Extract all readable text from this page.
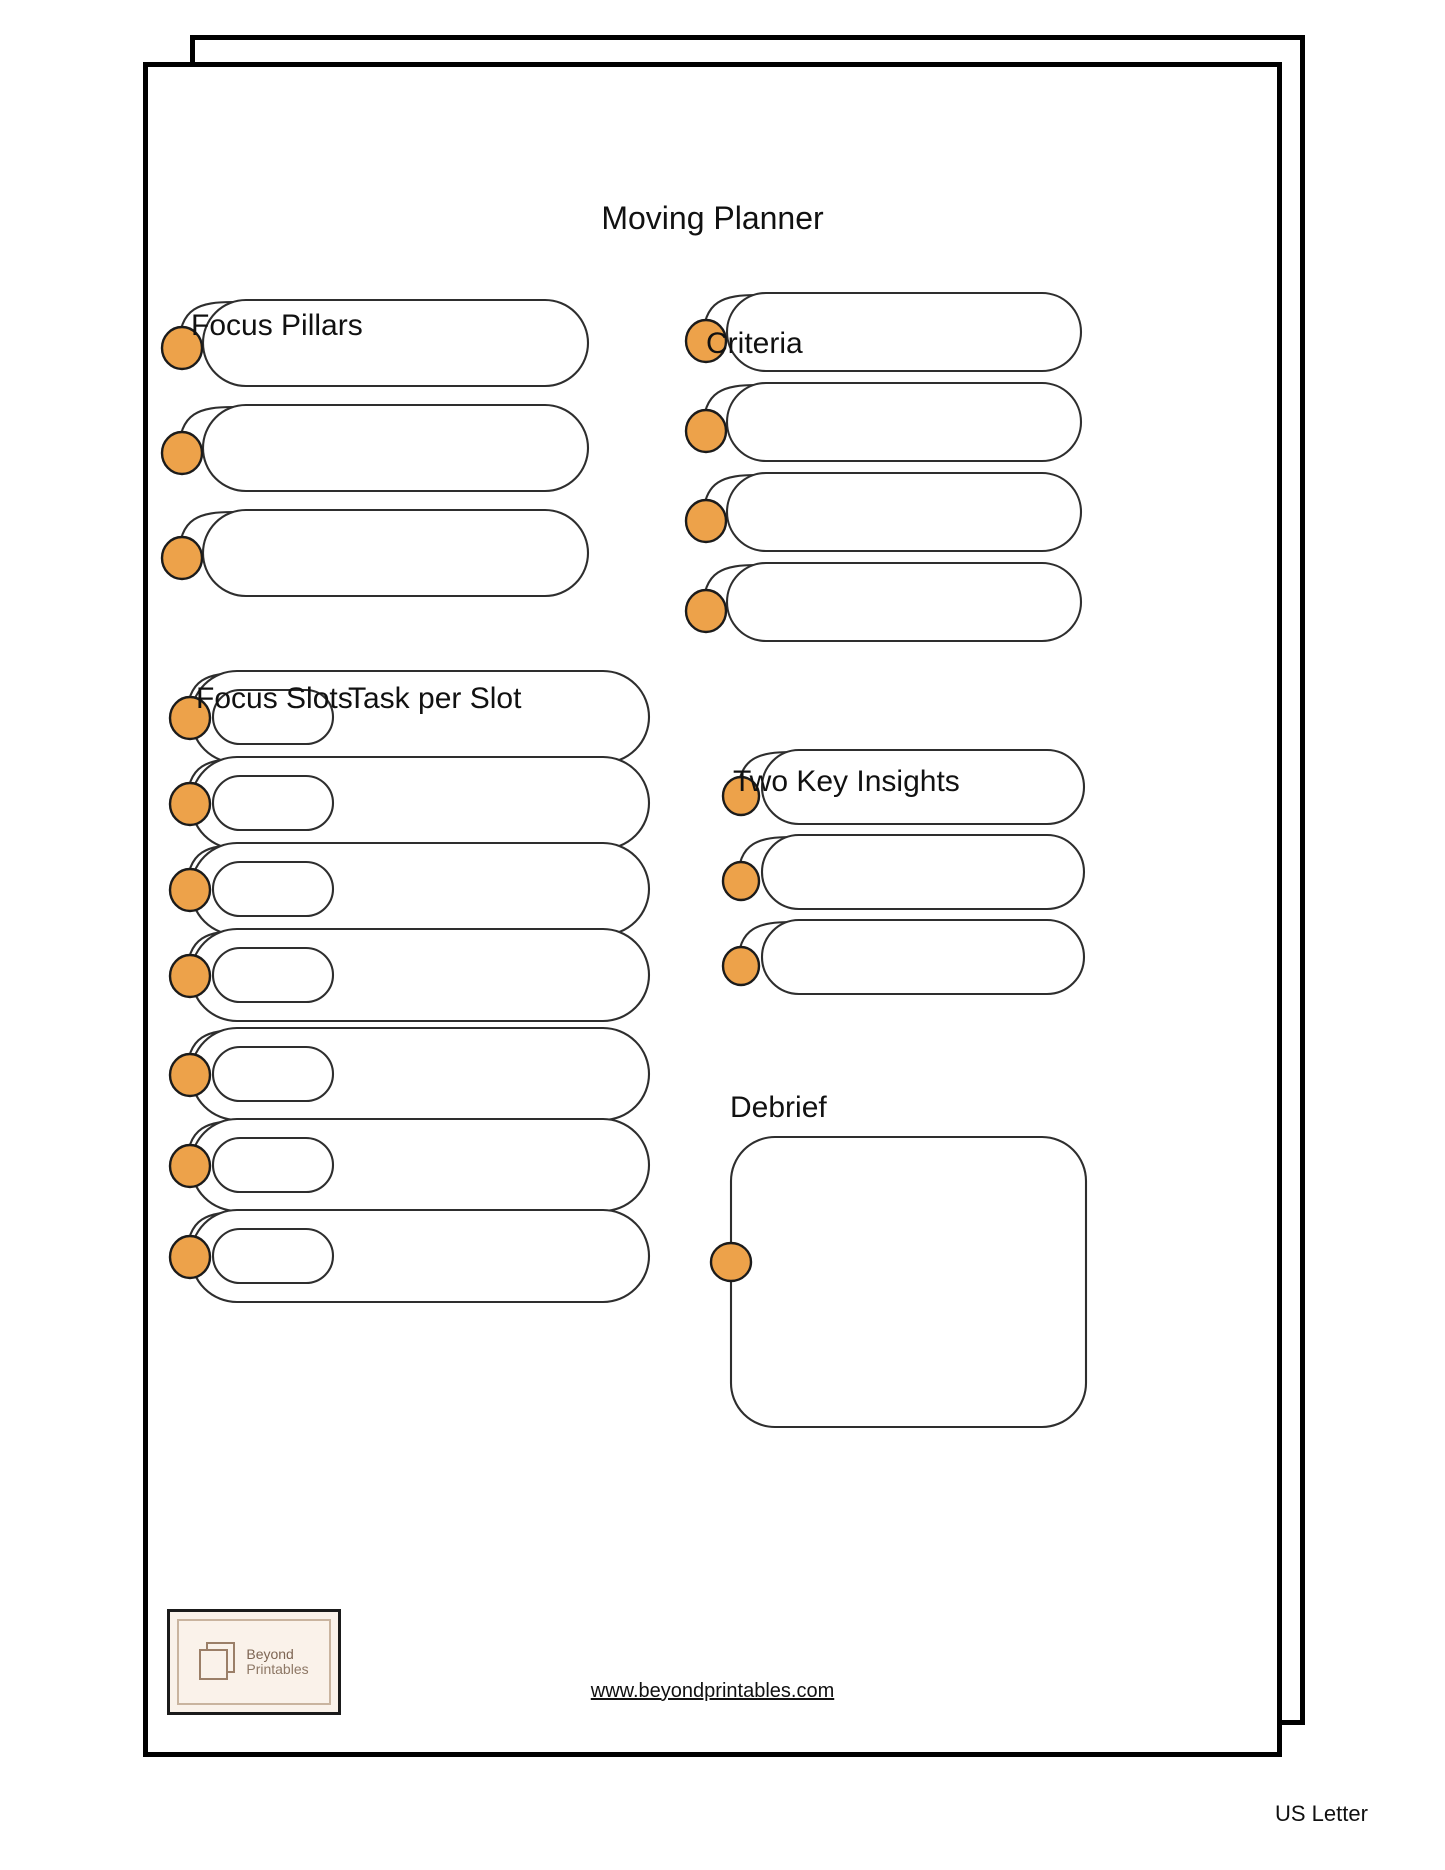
Moving Planner
Focus Pillars
Criteria
Focus Slots
Task per Slot
Two Key Insights
Debrief
Beyond
Printables
www.beyondprintables.com
US Letter
